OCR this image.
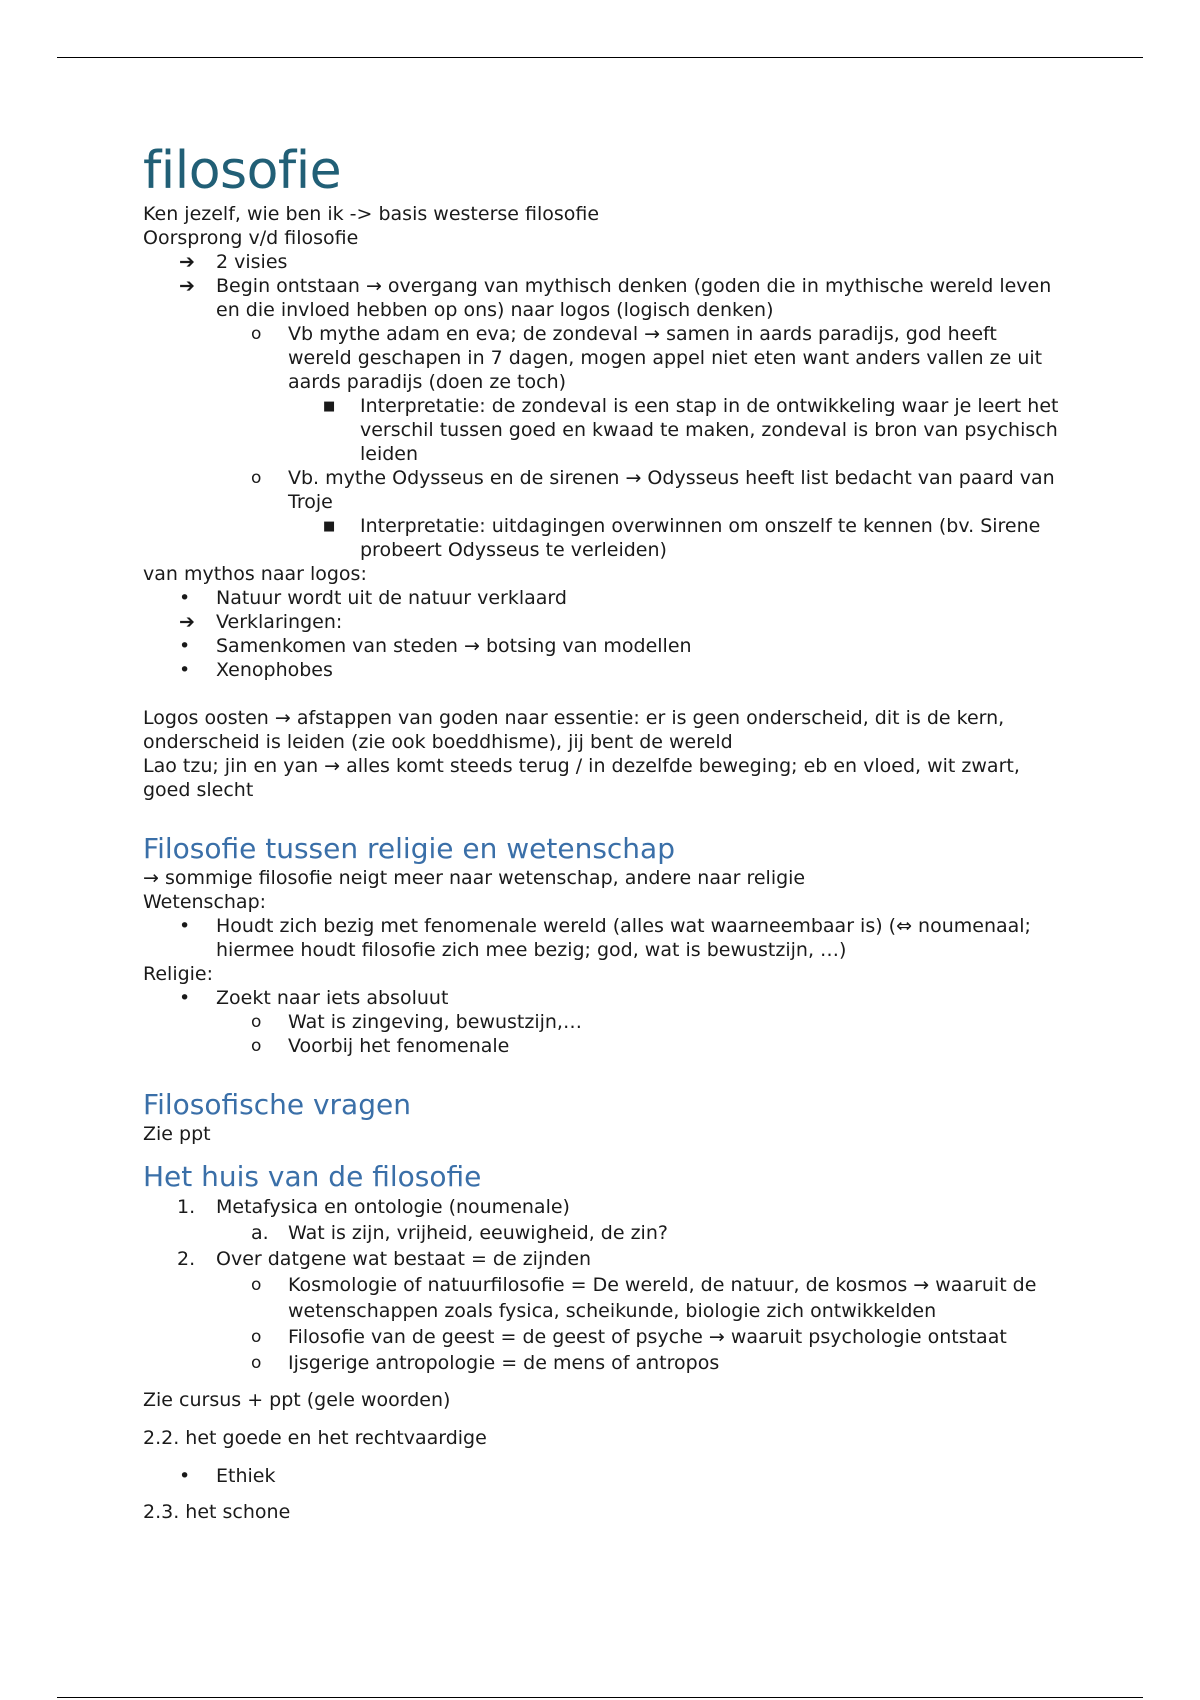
filosofie

Ken jezelf, wie ben ik -> basis westerse filosofie

Oorsprong v/d filosofie

➔ 2 visies
➔ Begin ontstaan → overgang van mythisch denken (goden die in mythische wereld leven en die invloed hebben op ons) naar logos (logisch denken)
o Vb mythe adam en eva; de zondeval → samen in aards paradijs, god heeft wereld geschapen in 7 dagen, mogen appel niet eten want anders vallen ze uit aards paradijs (doen ze toch)
■ Interpretatie: de zondeval is een stap in de ontwikkeling waar je leert het verschil tussen goed en kwaad te maken, zondeval is bron van psychisch leiden
o Vb. mythe Odysseus en de sirenen → Odysseus heeft list bedacht van paard van Troje
■ Interpretatie: uitdagingen overwinnen om onszelf te kennen (bv. Sirene probeert Odysseus te verleiden)

van mythos naar logos:

• Natuur wordt uit de natuur verklaard
➔ Verklaringen:
• Samenkomen van steden → botsing van modellen
• Xenophobes

Logos oosten → afstappen van goden naar essentie: er is geen onderscheid, dit is de kern, onderscheid is leiden (zie ook boeddhisme), jij bent de wereld

Lao tzu; jin en yan → alles komt steeds terug / in dezelfde beweging; eb en vloed, wit zwart, goed slecht

Filosofie tussen religie en wetenschap

→ sommige filosofie neigt meer naar wetenschap, andere naar religie

Wetenschap:

• Houdt zich bezig met fenomenale wereld (alles wat waarneembaar is) (⇔ noumenaal; hiermee houdt filosofie zich mee bezig; god, wat is bewustzijn, …)

Religie:

• Zoekt naar iets absoluut
o Wat is zingeving, bewustzijn,…
o Voorbij het fenomenale
Filosofische vragen

Zie ppt

Het huis van de filosofie
1. Metafysica en ontologie (noumenale)
a. Wat is zijn, vrijheid, eeuwigheid, de zin?
2. Over datgene wat bestaat = de zijnden
o Kosmologie of natuurfilosofie = De wereld, de natuur, de kosmos → waaruit de wetenschappen zoals fysica, scheikunde, biologie zich ontwikkelden
o Filosofie van de geest = de geest of psyche → waaruit psychologie ontstaat
o Ijsgerige antropologie = de mens of antropos

Zie cursus + ppt (gele woorden)

2.2. het goede en het rechtvaardige

• Ethiek

2.3. het schone
